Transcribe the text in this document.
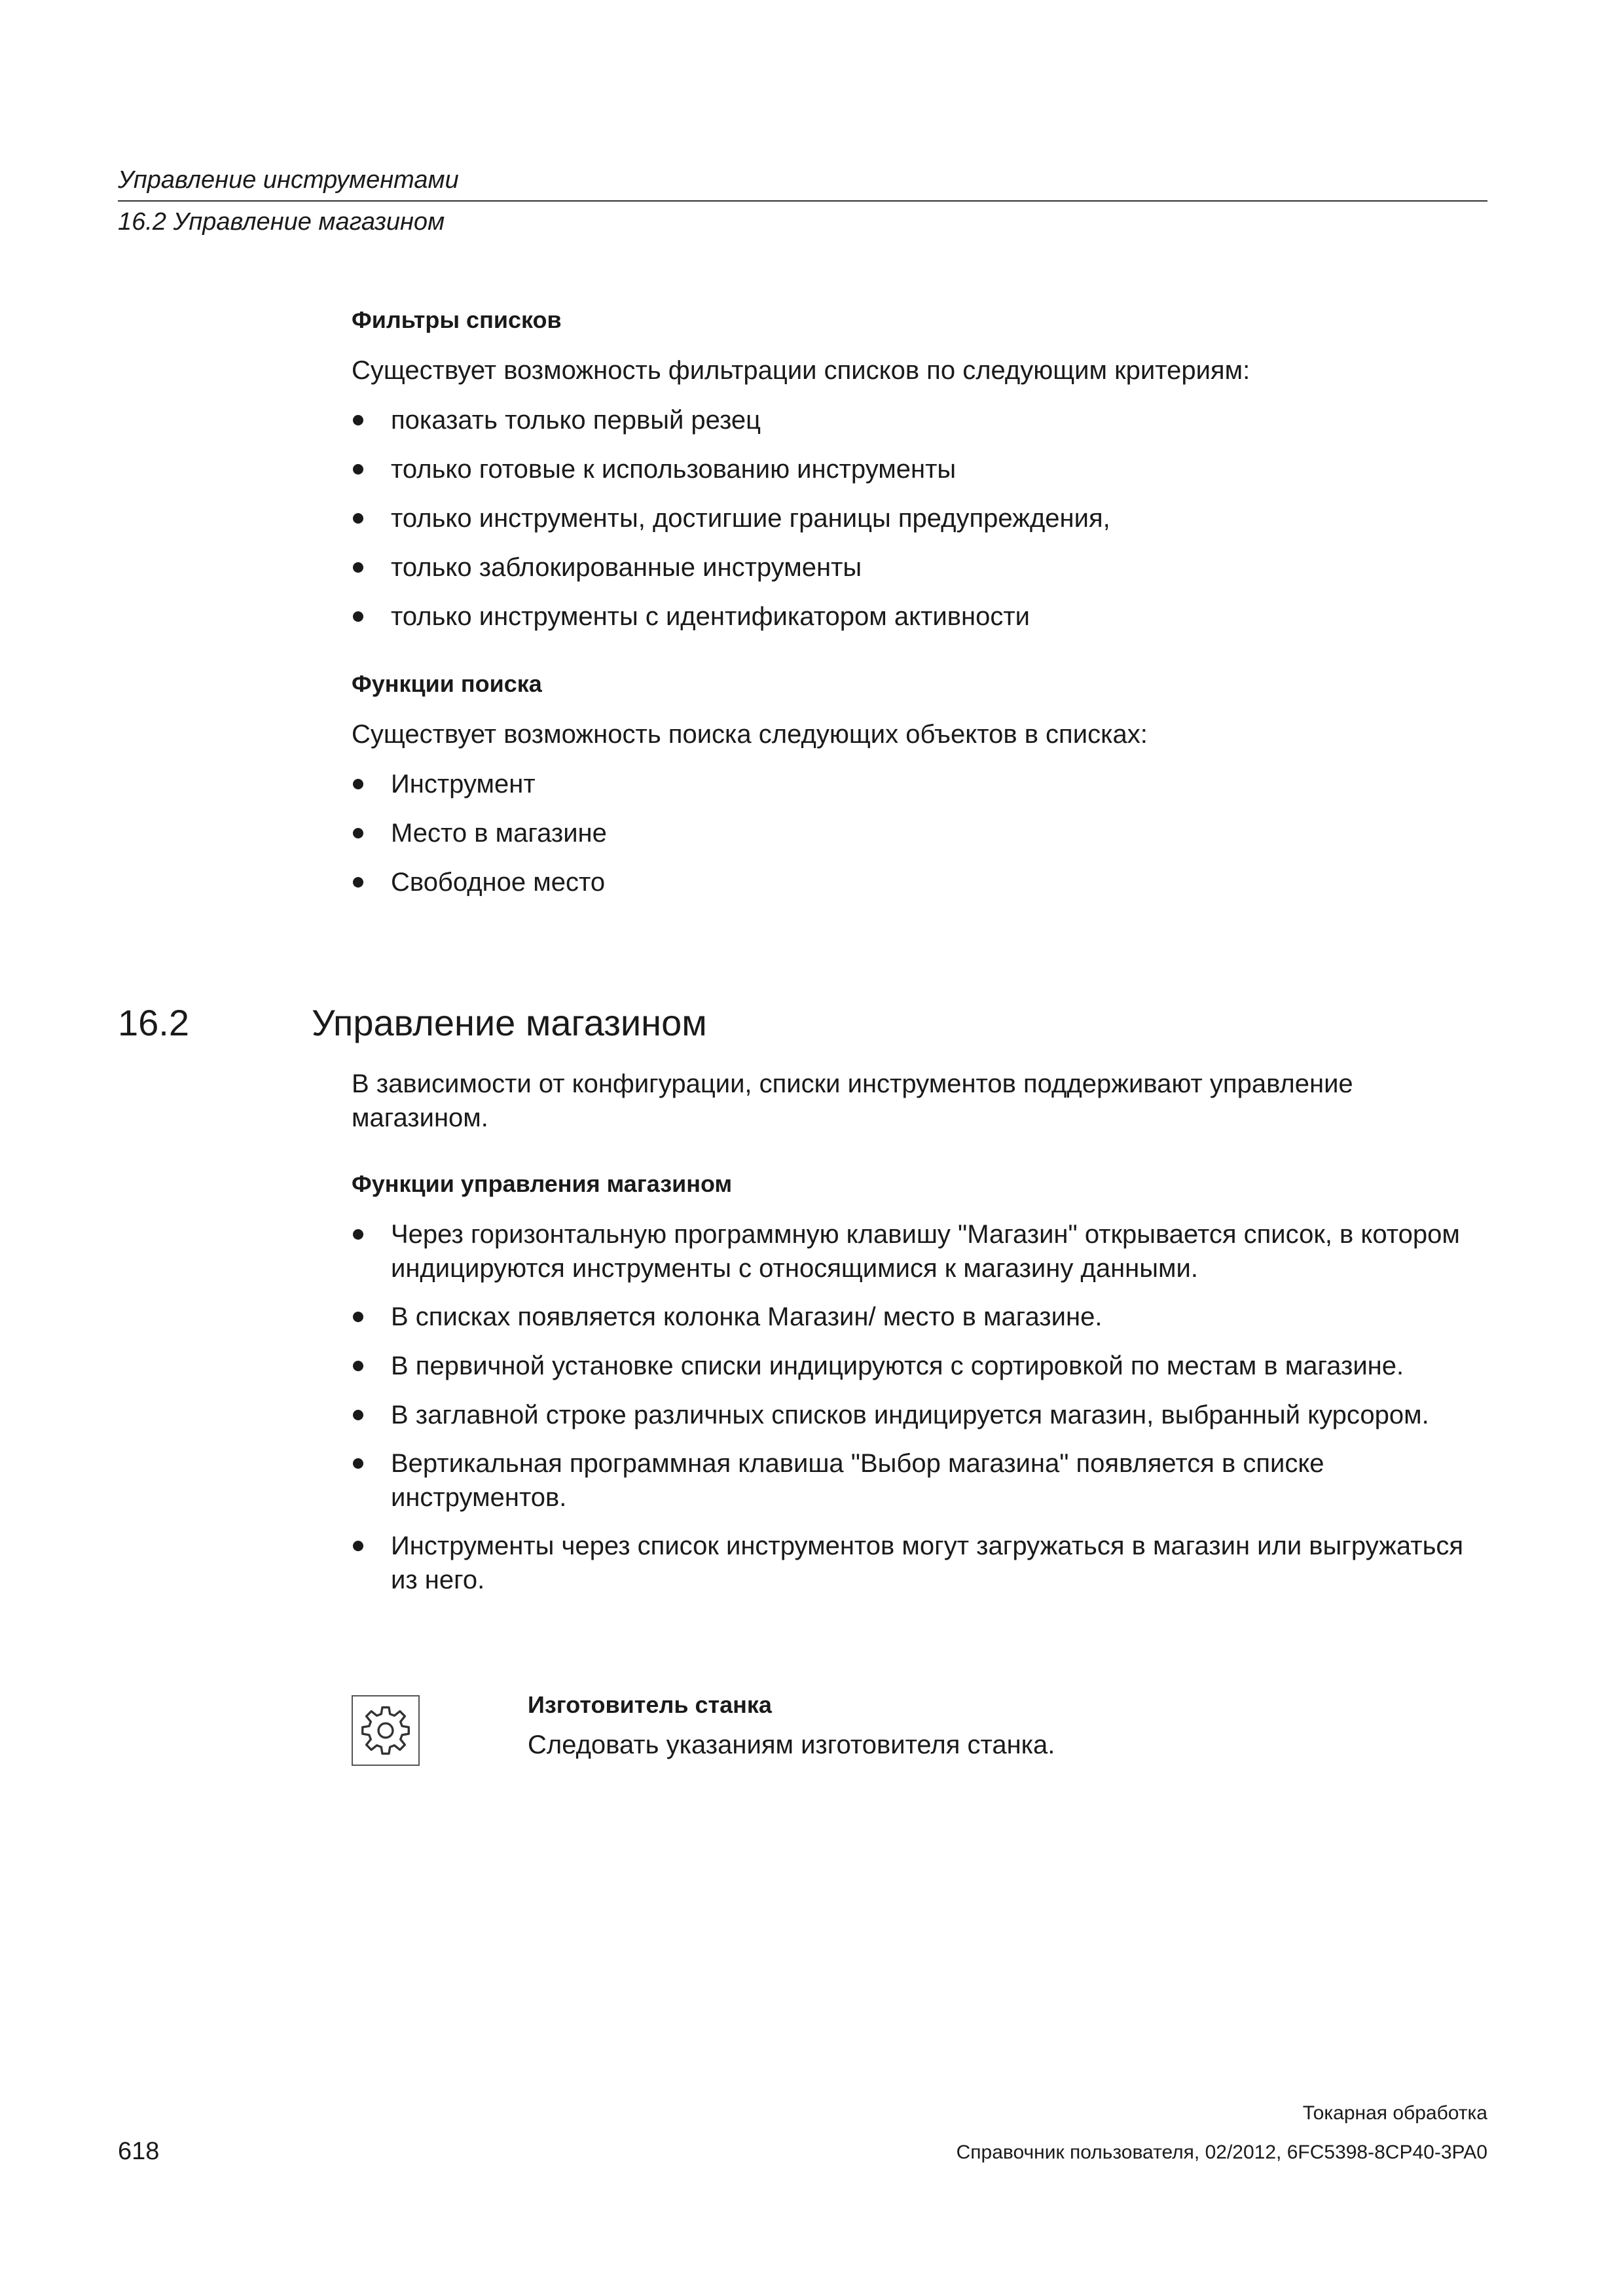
Управление инструментами
16.2 Управление магазином
Фильтры списков
Существует возможность фильтрации списков по следующим критериям:
показать только первый резец
только готовые к использованию инструменты
только инструменты, достигшие границы предупреждения,
только заблокированные инструменты
только инструменты с идентификатором активности
Функции поиска
Существует возможность поиска следующих объектов в списках:
Инструмент
Место в магазине
Свободное место
16.2	Управление магазином
В зависимости от конфигурации, списки инструментов поддерживают управление магазином.
Функции управления магазином
Через горизонтальную программную клавишу "Магазин" открывается список, в котором индицируются инструменты с относящимися к магазину данными.
В списках появляется колонка Магазин/ место в магазине.
В первичной установке списки индицируются с сортировкой по местам в магазине.
В заглавной строке различных списков индицируется магазин, выбранный курсором.
Вертикальная программная клавиша "Выбор магазина" появляется в списке инструментов.
Инструменты через список инструментов могут загружаться в магазин или выгружаться из него.
Изготовитель станка
Следовать указаниям изготовителя станка.
Токарная обработка
618	Справочник пользователя, 02/2012, 6FC5398-8CP40-3PA0
